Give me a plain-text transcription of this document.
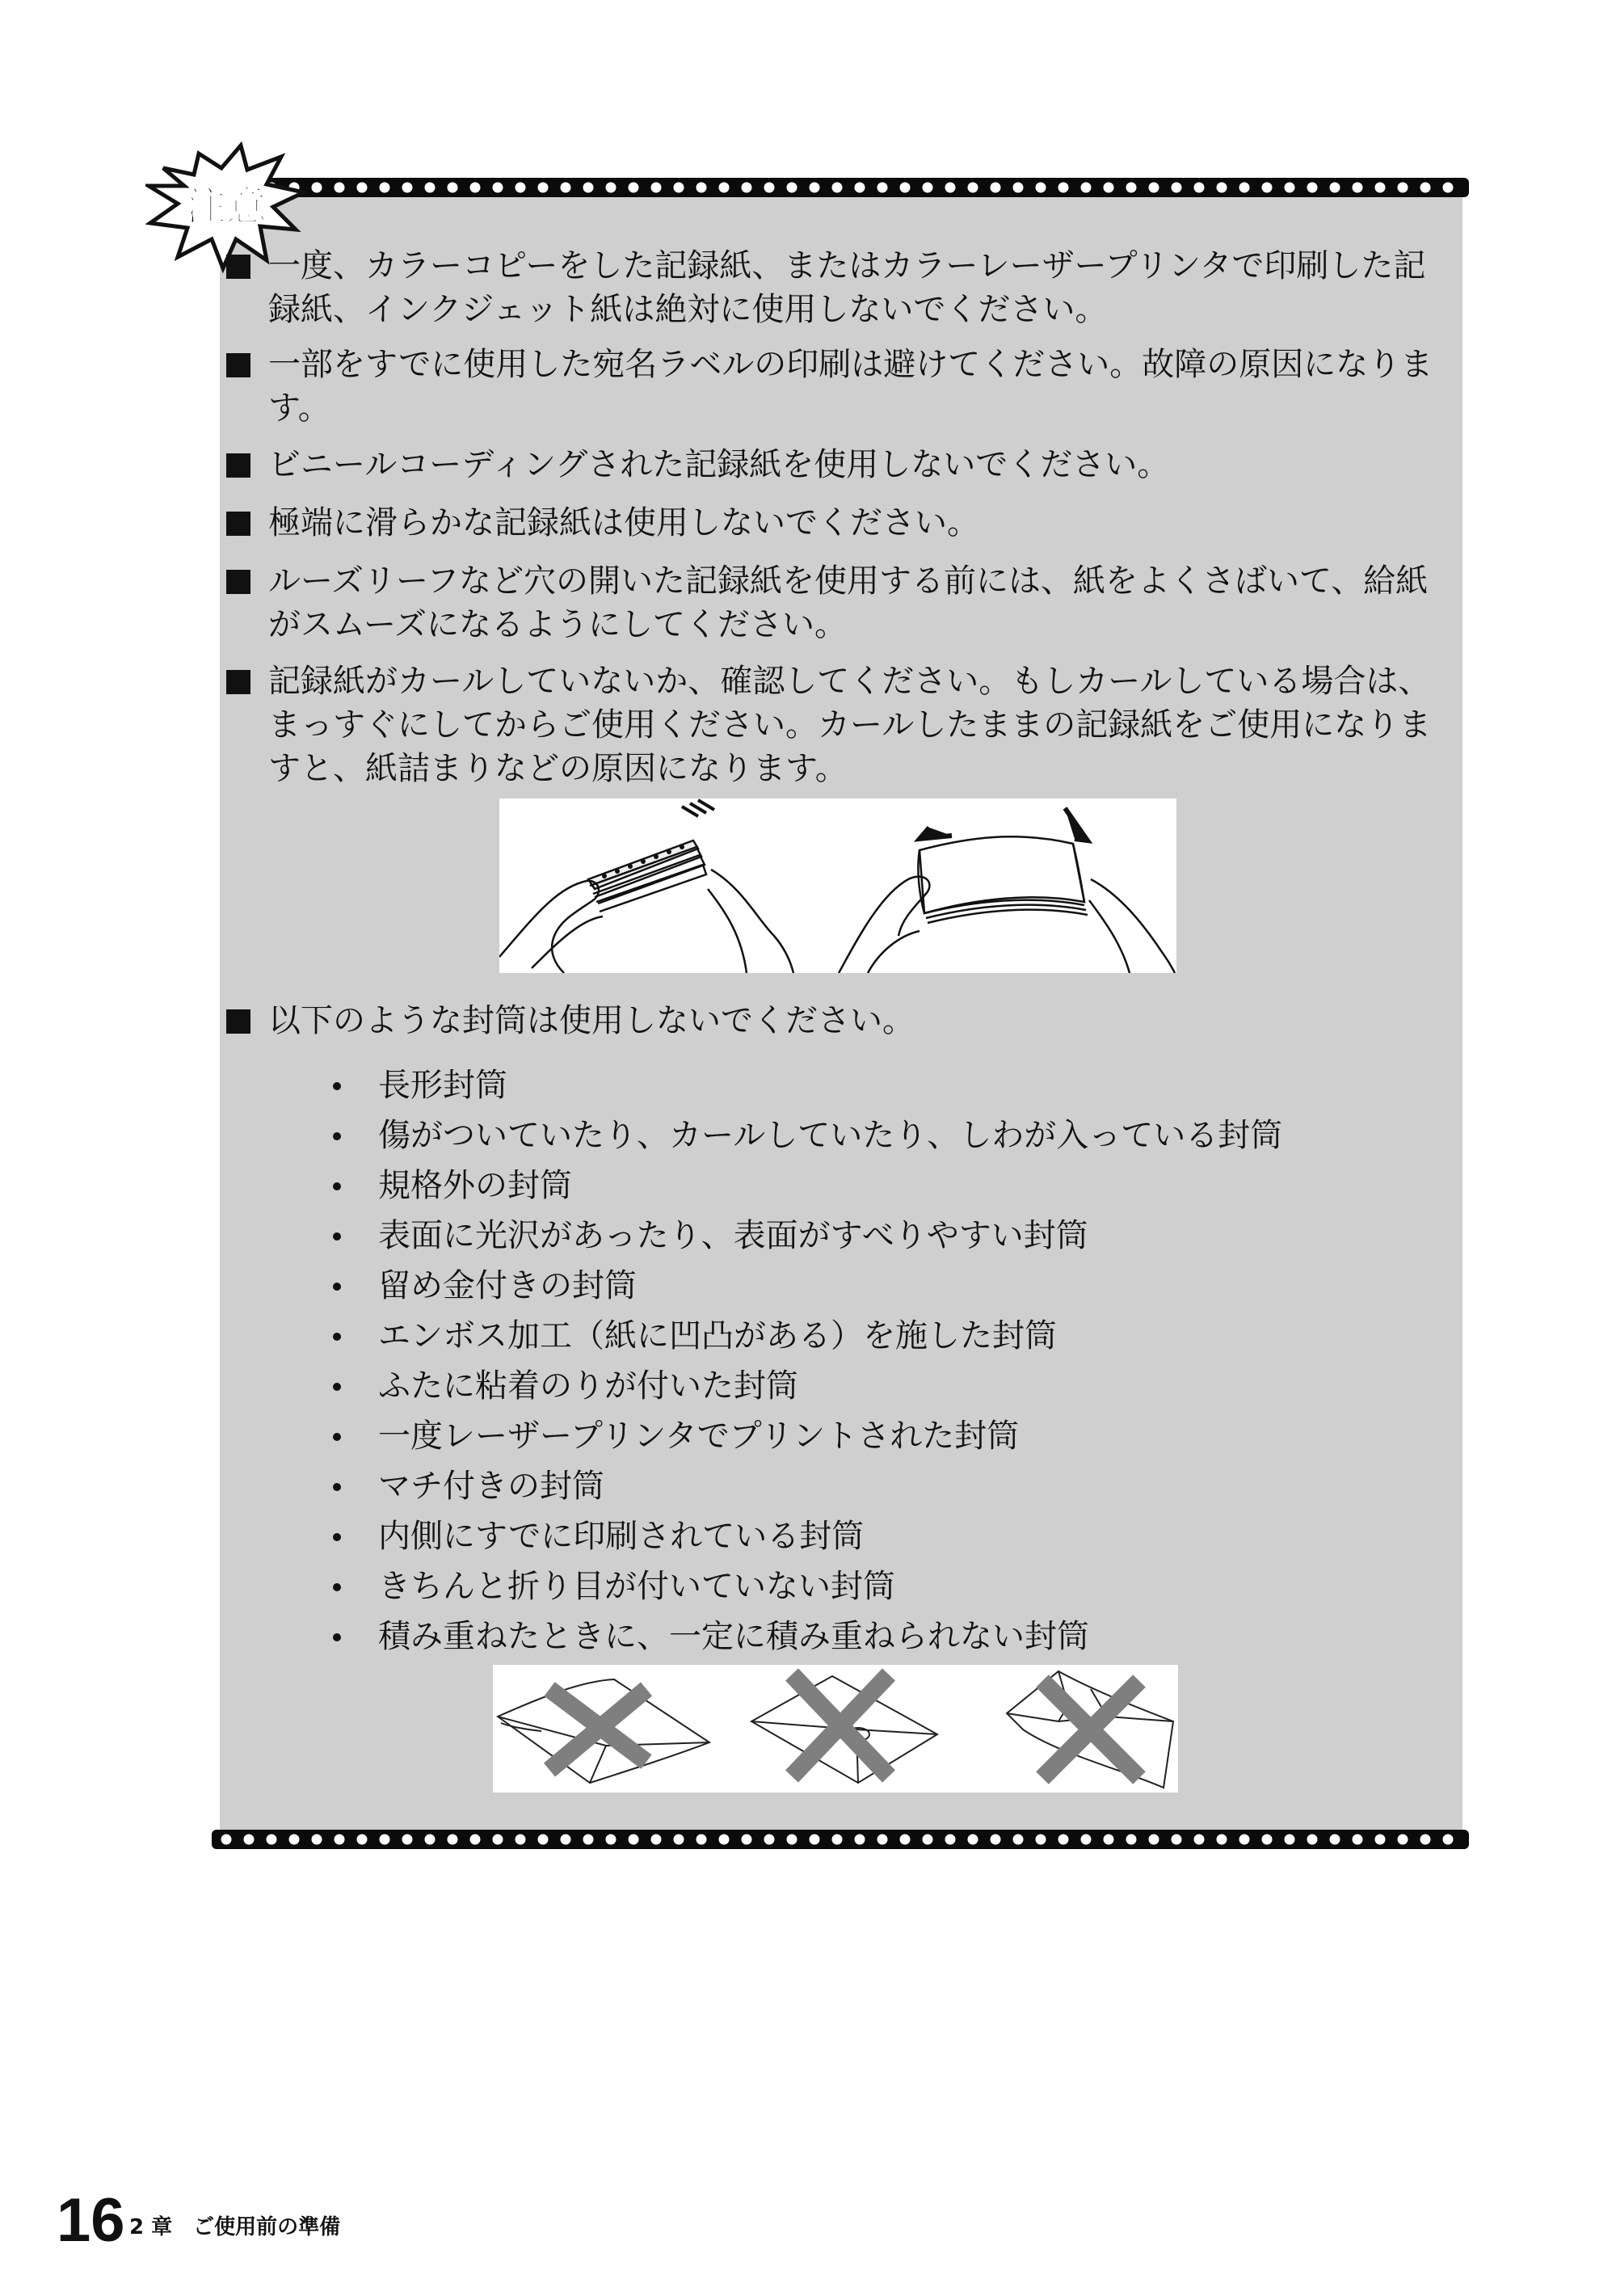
注意

一度、カラーコピーをした記録紙、またはカラーレーザープリンタで印刷した記録紙、インクジェット紙は絶対に使用しないでください。

一部をすでに使用した宛名ラベルの印刷は避けてください。故障の原因になります。

ビニールコーディングされた記録紙を使用しないでください。

極端に滑らかな記録紙は使用しないでください。

ルーズリーフなど穴の開いた記録紙を使用する前には、紙をよくさばいて、給紙がスムーズになるようにしてください。

記録紙がカールしていないか、確認してください。もしカールしている場合は、まっすぐにしてからご使用ください。カールしたままの記録紙をご使用になりますと、紙詰まりなどの原因になります。

以下のような封筒は使用しないでください。

長形封筒
傷がついていたり、カールしていたり、しわが入っている封筒
規格外の封筒
表面に光沢があったり、表面がすべりやすい封筒
留め金付きの封筒
エンボス加工（紙に凹凸がある）を施した封筒
ふたに粘着のりが付いた封筒
一度レーザープリンタでプリントされた封筒
マチ付きの封筒
内側にすでに印刷されている封筒
きちんと折り目が付いていない封筒
積み重ねたときに、一定に積み重ねられない封筒
16 2 章　ご使用前の準備
